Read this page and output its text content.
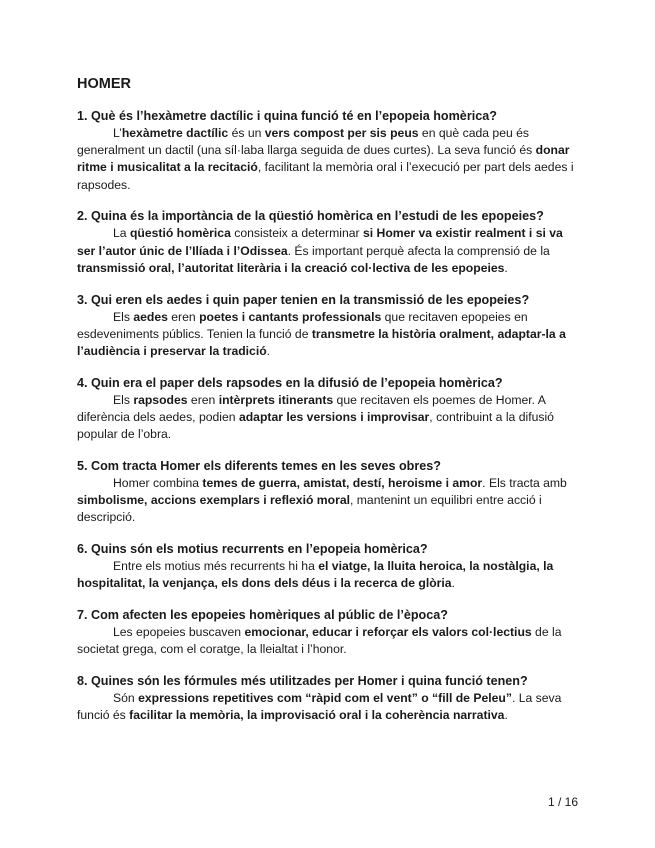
HOMER

1. Què és l’hexàmetre dactílic i quina funció té en l’epopeia homèrica?

L’hexàmetre dactílic és un vers compost per sis peus en què cada peu és generalment un dactil (una síl·laba llarga seguida de dues curtes). La seva funció és donar ritme i musicalitat a la recitació, facilitant la memòria oral i l’execució per part dels aedes i rapsodes.

2. Quina és la importància de la qüestió homèrica en l’estudi de les epopeies?

La qüestió homèrica consisteix a determinar si Homer va existir realment i si va ser l’autor únic de l’Ilíada i l’Odissea. És important perquè afecta la comprensió de la transmissió oral, l’autoritat literària i la creació col·lectiva de les epopeies.

3. Qui eren els aedes i quin paper tenien en la transmissió de les epopeies?

Els aedes eren poetes i cantants professionals que recitaven epopeies en esdeveniments públics. Tenien la funció de transmetre la història oralment, adaptar-la a l’audiència i preservar la tradició.

4. Quin era el paper dels rapsodes en la difusió de l’epopeia homèrica?

Els rapsodes eren intèrprets itinerants que recitaven els poemes de Homer. A diferència dels aedes, podien adaptar les versions i improvisar, contribuint a la difusió popular de l’obra.

5. Com tracta Homer els diferents temes en les seves obres?

Homer combina temes de guerra, amistat, destí, heroisme i amor. Els tracta amb simbolisme, accions exemplars i reflexió moral, mantenint un equilibri entre acció i descripció.

6. Quins són els motius recurrents en l’epopeia homèrica?

Entre els motius més recurrents hi ha el viatge, la lluita heroica, la nostàlgia, la hospitalitat, la venjança, els dons dels déus i la recerca de glòria.

7. Com afecten les epopeies homèriques al públic de l’època?

Les epopeies buscaven emocionar, educar i reforçar els valors col·lectius de la societat grega, com el coratge, la lleialtat i l’honor.

8. Quines són les fórmules més utilitzades per Homer i quina funció tenen?

Són expressions repetitives com “ràpid com el vent” o “fill de Peleu”. La seva funció és facilitar la memòria, la improvisació oral i la coherència narrativa.

1 / 16
